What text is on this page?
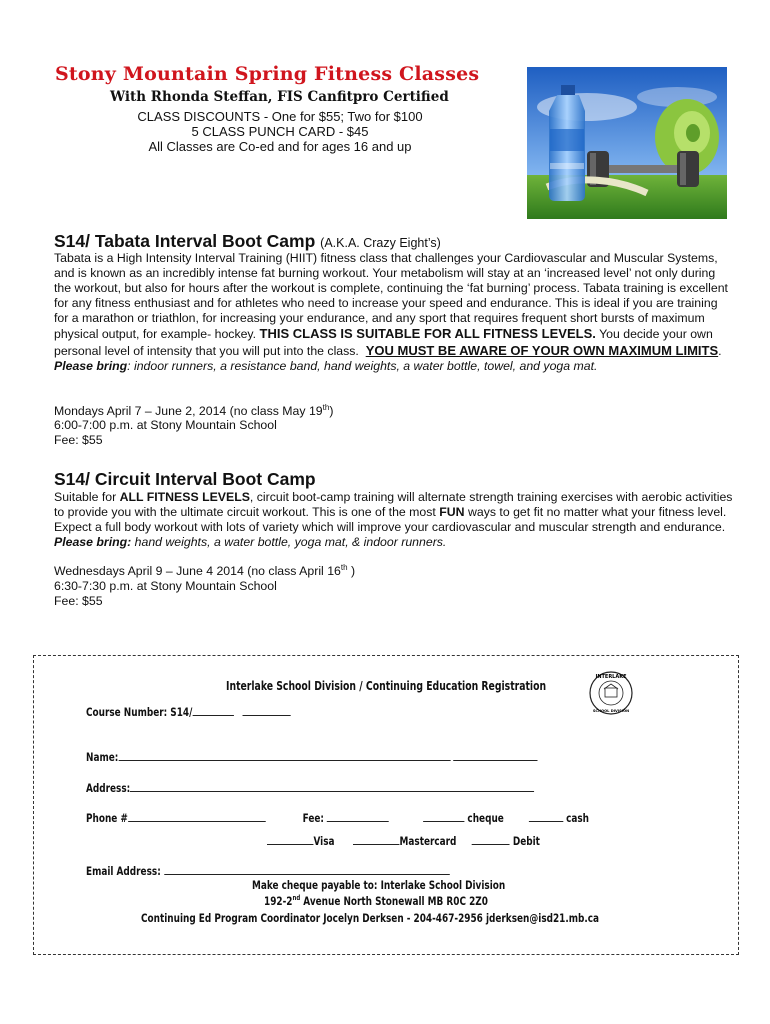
Stony Mountain Spring Fitness Classes
With Rhonda Steffan, FIS Canfitpro Certified
CLASS DISCOUNTS - One for $55; Two for $100
5 CLASS PUNCH CARD - $45
All Classes are Co-ed and for ages 16 and up
S14/ Tabata Interval Boot Camp (A.K.A. Crazy Eight’s)
Tabata is a High Intensity Interval Training (HIIT) fitness class that challenges your Cardiovascular and Muscular Systems, and is known as an incredibly intense fat burning workout. Your metabolism will stay at an ‘increased level’ not only during the workout, but also for hours after the workout is complete, continuing the ‘fat burning’ process. Tabata training is excellent for any fitness enthusiast and for athletes who need to increase your speed and endurance. This is ideal if you are training for a marathon or triathlon, for increasing your endurance, and any sport that requires frequent short bursts of maximum physical output, for example- hockey. THIS CLASS IS SUITABLE FOR ALL FITNESS LEVELS. You decide your own personal level of intensity that you will put into the class. YOU MUST BE AWARE OF YOUR OWN MAXIMUM LIMITS.   Please bring: indoor runners, a resistance band, hand weights, a water bottle, towel, and yoga mat.
Mondays April 7 – June 2, 2014 (no class May 19th)
6:00-7:00 p.m. at Stony Mountain School
Fee: $55
S14/ Circuit Interval Boot Camp
Suitable for ALL FITNESS LEVELS, circuit boot-camp training will alternate strength training exercises with aerobic activities to provide you with the ultimate circuit workout. This is one of the most FUN ways to get fit no matter what your fitness level. Expect a full body workout with lots of variety which will improve your cardiovascular and muscular strength and endurance.  Please bring: hand weights, a water bottle, yoga mat, & indoor runners.
Wednesdays April 9 – June 4 2014 (no class April 16th )
6:30-7:30 p.m. at Stony Mountain School
Fee: $55
Interlake School Division / Continuing Education Registration
INTERLAKE
SCHOOL DIVISION
Course Number: S14/
Name:
Address:
Phone #	Fee:	cheque	cash
Visa	Mastercard	Debit
Email Address:
Make cheque payable to: Interlake School Division
192-2nd Avenue North Stonewall MB R0C 2Z0
Continuing Ed Program Coordinator Jocelyn Derksen - 204-467-2956 jderksen@isd21.mb.ca
